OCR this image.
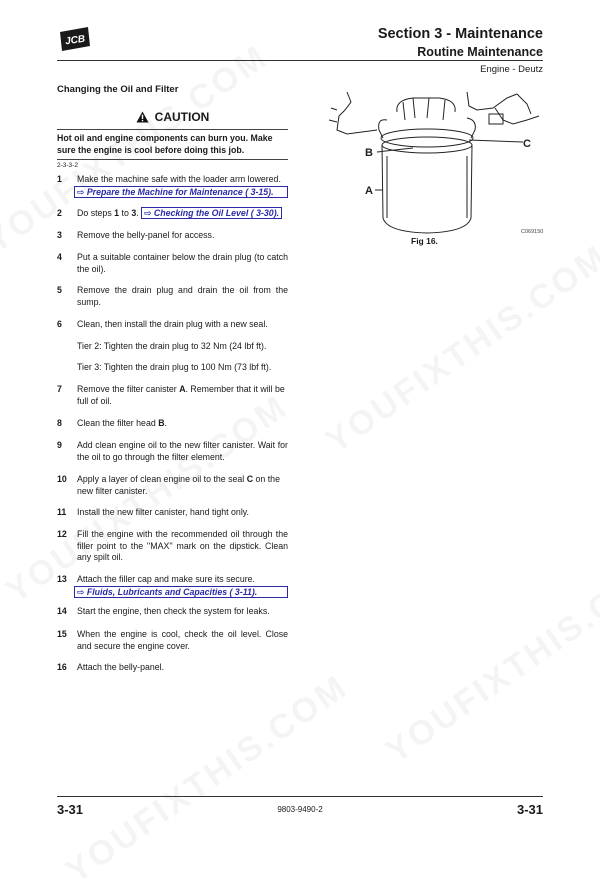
JCB	Section 3 - Maintenance
Routine Maintenance
Engine - Deutz
Changing the Oil and Filter
CAUTION
Hot oil and engine components can burn you. Make sure the engine is cool before doing this job.
2-3-3-2
1 Make the machine safe with the loader arm lowered.
⇨ Prepare the Machine for Maintenance ( 3-15).
2 Do steps 1 to 3. ⇨ Checking the Oil Level ( 3-30).
3 Remove the belly-panel for access.
4 Put a suitable container below the drain plug (to catch the oil).
5 Remove the drain plug and drain the oil from the sump.
6 Clean, then install the drain plug with a new seal.
Tier 2: Tighten the drain plug to 32 Nm (24 lbf ft).
Tier 3: Tighten the drain plug to 100 Nm (73 lbf ft).
7 Remove the filter canister A. Remember that it will be full of oil.
8 Clean the filter head B.
9 Add clean engine oil to the new filter canister. Wait for the oil to go through the filter element.
10 Apply a layer of clean engine oil to the seal C on the new filter canister.
11 Install the new filter canister, hand tight only.
12 Fill the engine with the recommended oil through the filler point to the ''MAX'' mark on the dipstick. Clean any spilt oil.
13 Attach the filler cap and make sure its secure.
⇨ Fluids, Lubricants and Capacities ( 3-11).
14 Start the engine, then check the system for leaks.
15 When the engine is cool, check the oil level. Close and secure the engine cover.
16 Attach the belly-panel.
B
C
A
C069150
Fig 16.
3-31	9803-9490-2	3-31
